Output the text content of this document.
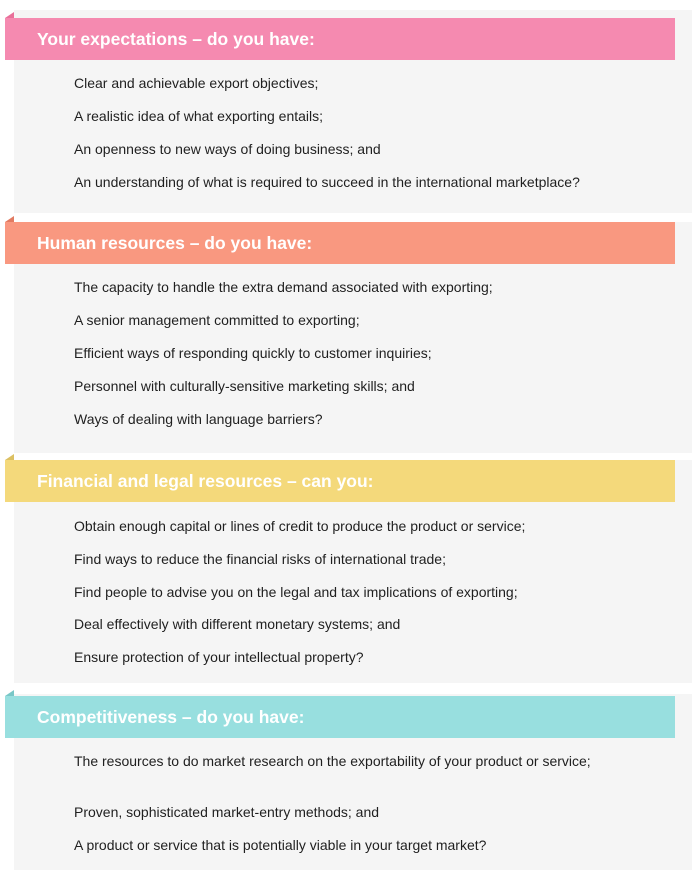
Your expectations – do you have:
Clear and achievable export objectives;
A realistic idea of what exporting entails;
An openness to new ways of doing business; and
An understanding of what is required to succeed in the international marketplace?
Human resources – do you have:
The capacity to handle the extra demand associated with exporting;
A senior management committed to exporting;
Efficient ways of responding quickly to customer inquiries;
Personnel with culturally-sensitive marketing skills; and
Ways of dealing with language barriers?
Financial and legal resources – can you:
Obtain enough capital or lines of credit to produce the product or service;
Find ways to reduce the financial risks of international trade;
Find people to advise you on the legal and tax implications of exporting;
Deal effectively with different monetary systems; and
Ensure protection of your intellectual property?
Competitiveness – do you have:
The resources to do market research on the exportability of your product or service;
Proven, sophisticated market-entry methods; and
A product or service that is potentially viable in your target market?
